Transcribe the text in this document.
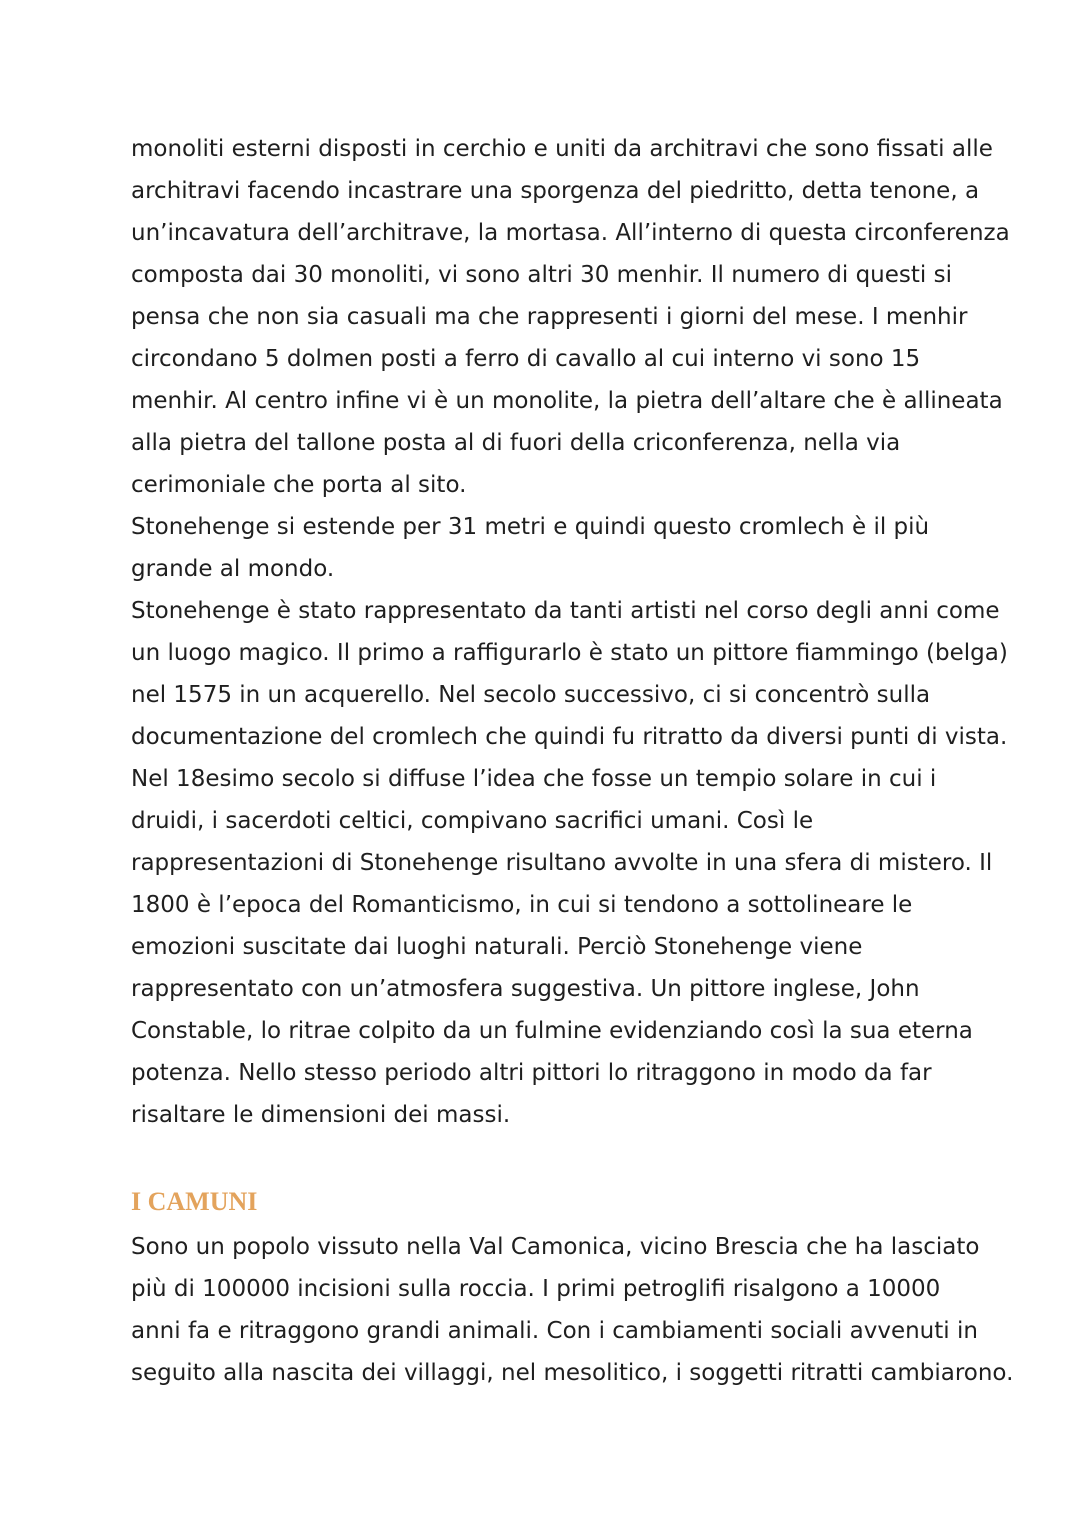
monoliti esterni disposti in cerchio e uniti da architravi che sono fissati alle
architravi facendo incastrare una sporgenza del piedritto, detta tenone, a
un’incavatura dell’architrave, la mortasa. All’interno di questa circonferenza
composta dai 30 monoliti, vi sono altri 30 menhir. Il numero di questi si
pensa che non sia casuali ma che rappresenti i giorni del mese. I menhir
circondano 5 dolmen posti a ferro di cavallo al cui interno vi sono 15
menhir. Al centro infine vi è un monolite, la pietra dell’altare che è allineata
alla pietra del tallone posta al di fuori della criconferenza, nella via
cerimoniale che porta al sito.
Stonehenge si estende per 31 metri e quindi questo cromlech è il più
grande al mondo.
Stonehenge è stato rappresentato da tanti artisti nel corso degli anni come
un luogo magico. Il primo a raffigurarlo è stato un pittore fiammingo (belga)
nel 1575 in un acquerello. Nel secolo successivo, ci si concentrò sulla
documentazione del cromlech che quindi fu ritratto da diversi punti di vista.
Nel 18esimo secolo si diffuse l’idea che fosse un tempio solare in cui i
druidi, i sacerdoti celtici, compivano sacrifici umani. Così le
rappresentazioni di Stonehenge risultano avvolte in una sfera di mistero. Il
1800 è l’epoca del Romanticismo, in cui si tendono a sottolineare le
emozioni suscitate dai luoghi naturali. Perciò Stonehenge viene
rappresentato con un’atmosfera suggestiva. Un pittore inglese, John
Constable, lo ritrae colpito da un fulmine evidenziando così la sua eterna
potenza. Nello stesso periodo altri pittori lo ritraggono in modo da far
risaltare le dimensioni dei massi.
I CAMUNI
Sono un popolo vissuto nella Val Camonica, vicino Brescia che ha lasciato
più di 100000 incisioni sulla roccia. I primi petroglifi risalgono a 10000
anni fa e ritraggono grandi animali. Con i cambiamenti sociali avvenuti in
seguito alla nascita dei villaggi, nel mesolitico, i soggetti ritratti cambiarono.
